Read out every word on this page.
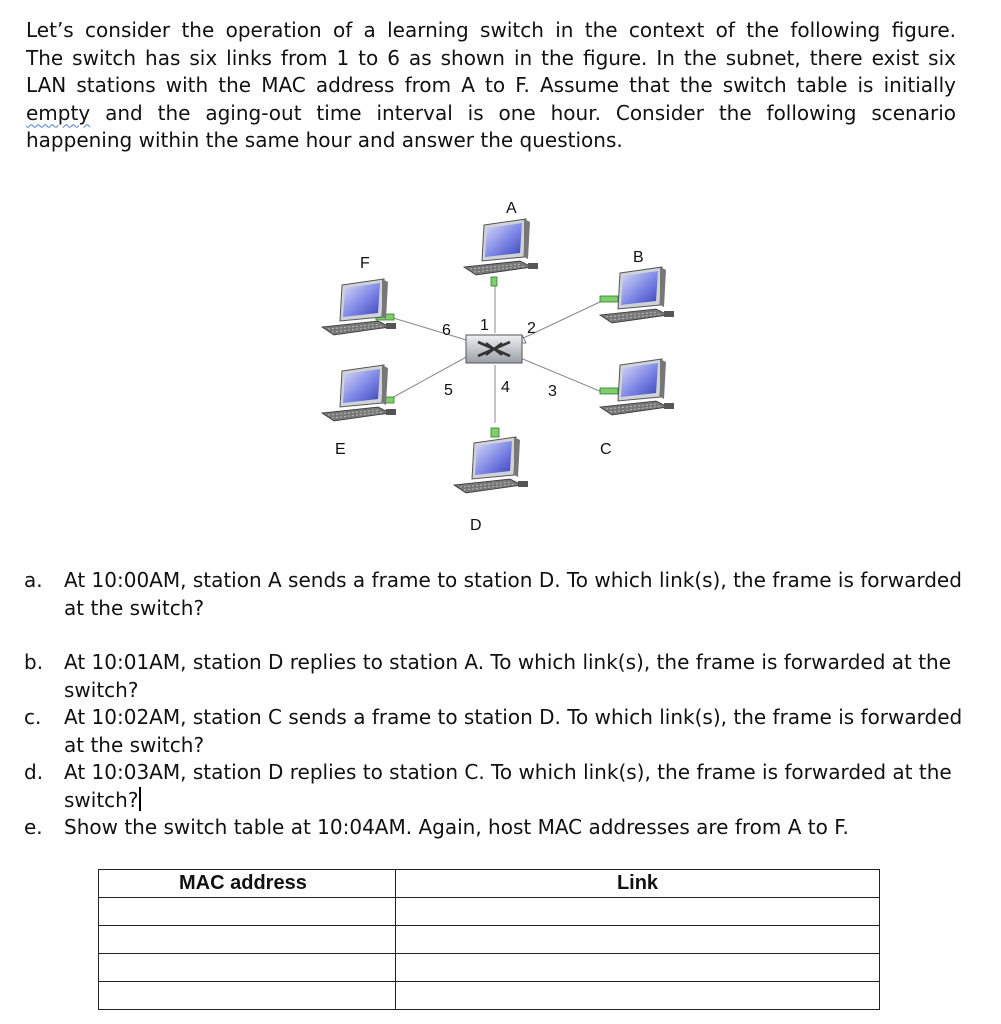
Let’s consider the operation of a learning switch in the context of the following figure.
The switch has six links from 1 to 6 as shown in the figure. In the subnet, there exist six
LAN stations with the MAC address from A to F. Assume that the switch table is initially
empty and the aging-out time interval is one hour. Consider the following scenario
happening within the same hour and answer the questions.
A
B
C
D
E
F
1 2
3
4
5
6
a.	At 10:00AM, station A sends a frame to station D. To which link(s), the frame is forwarded at the switch?
b.	At 10:01AM, station D replies to station A. To which link(s), the frame is forwarded at the switch?
c.	At 10:02AM, station C sends a frame to station D. To which link(s), the frame is forwarded at the switch?
d.	At 10:03AM, station D replies to station C. To which link(s), the frame is forwarded at the switch?
e.	Show the switch table at 10:04AM. Again, host MAC addresses are from A to F.
MAC address	Link
